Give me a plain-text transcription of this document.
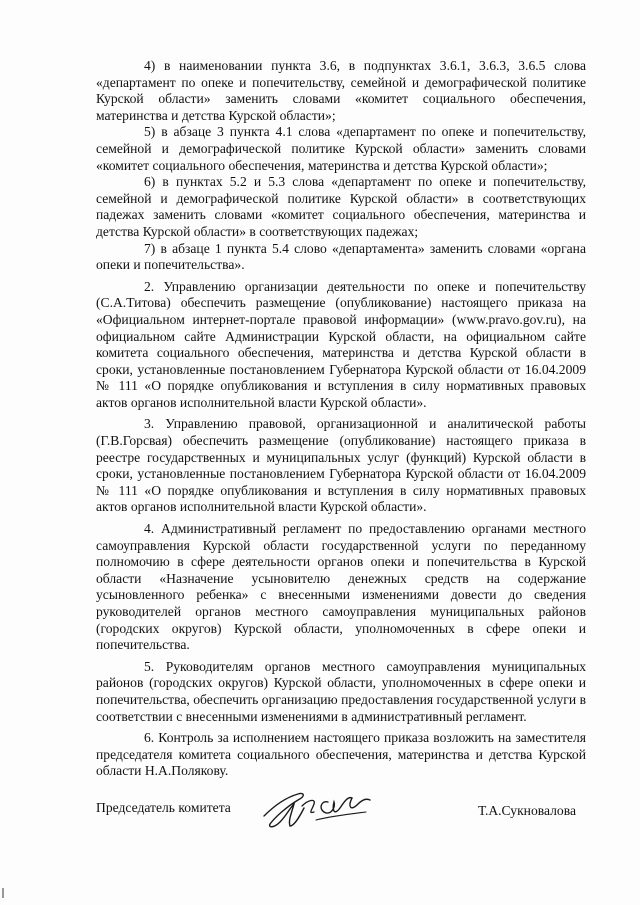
4) в наименовании пункта 3.6, в подпунктах 3.6.1, 3.6.3, 3.6.5 слова «департамент по опеке и попечительству, семейной и демографической политике Курской области» заменить словами «комитет социального обеспечения, материнства и детства Курской области»;

5) в абзаце 3 пункта 4.1 слова «департамент по опеке и попечительству, семейной и демографической политике Курской области» заменить словами «комитет социального обеспечения, материнства и детства Курской области»;

6) в пунктах 5.2 и 5.3 слова «департамент по опеке и попечительству, семейной и демографической политике Курской области» в соответствующих падежах заменить словами «комитет социального обеспечения, материнства и детства Курской области» в соответствующих падежах;

7) в абзаце 1 пункта 5.4 слово «департамента» заменить словами «органа опеки и попечительства».

2. Управлению организации деятельности по опеке и попечительству (С.А.Титова) обеспечить размещение (опубликование) настоящего приказа на «Официальном интернет-портале правовой информации» (www.pravo.gov.ru), на официальном сайте Администрации Курской области, на официальном сайте комитета социального обеспечения, материнства и детства Курской области в сроки, установленные постановлением Губернатора Курской области от 16.04.2009 № 111 «О порядке опубликования и вступления в силу нормативных правовых актов органов исполнительной власти Курской области».

3. Управлению правовой, организационной и аналитической работы (Г.В.Горсвая) обеспечить размещение (опубликование) настоящего приказа в реестре государственных и муниципальных услуг (функций) Курской области в сроки, установленные постановлением Губернатора Курской области от 16.04.2009 № 111 «О порядке опубликования и вступления в силу нормативных правовых актов органов исполнительной власти Курской области».

4. Административный регламент по предоставлению органами местного самоуправления Курской области государственной услуги по переданному полномочию в сфере деятельности органов опеки и попечительства в Курской области «Назначение усыновителю денежных средств на содержание усыновленного ребенка» с внесенными изменениями довести до сведения руководителей органов местного самоуправления муниципальных районов (городских округов) Курской области, уполномоченных в сфере опеки и попечительства.

5. Руководителям органов местного самоуправления муниципальных районов (городских округов) Курской области, уполномоченных в сфере опеки и попечительства, обеспечить организацию предоставления государственной услуги в соответствии с внесенными изменениями в административный регламент.

6. Контроль за исполнением настоящего приказа возложить на заместителя председателя комитета социального обеспечения, материнства и детства Курской области Н.А.Полякову.

Председатель комитета	Т.А.Сукновалова
